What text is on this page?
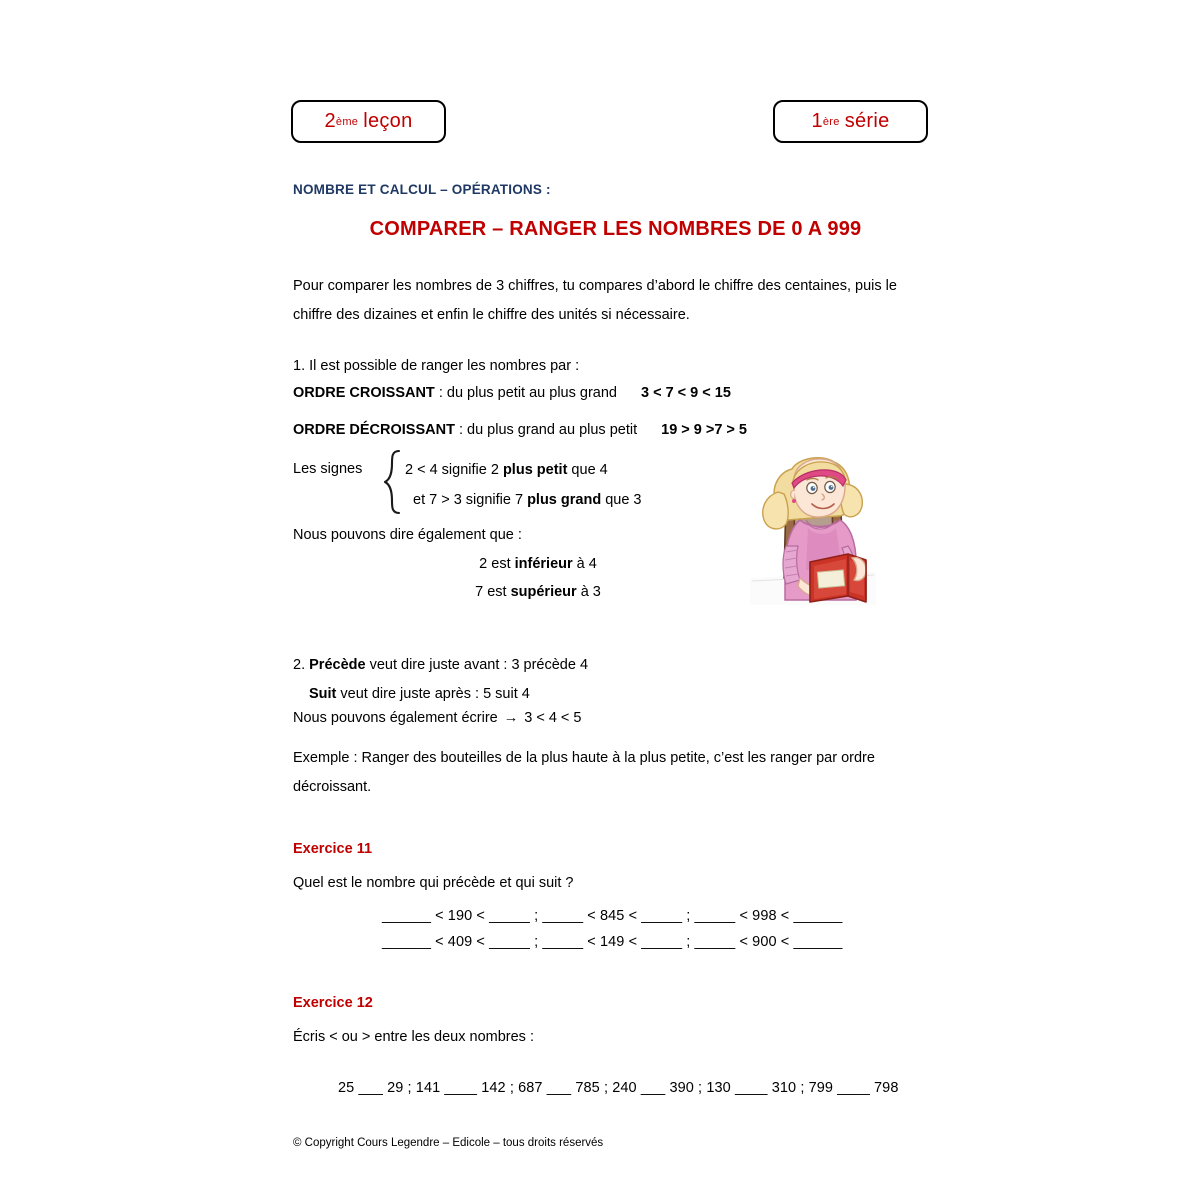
2 ème leçon	1 ère série
NOMBRE ET CALCUL – OPÉRATIONS :
COMPARER – RANGER LES NOMBRES DE 0 A 999
Pour comparer les nombres de 3 chiffres, tu compares d’abord le chiffre des centaines, puis le chiffre des dizaines et enfin le chiffre des unités si nécessaire.
1. Il est possible de ranger les nombres par :
ORDRE CROISSANT : du plus petit au plus grand 3 < 7 < 9 < 15
ORDRE DÉCROISSANT : du plus grand au plus petit 19 > 9 >7 > 5
Les signes	2 < 4 signifie 2 plus petit que 4
et 7 > 3 signifie 7 plus grand que 3
Nous pouvons dire également que :
2 est inférieur à 4
7 est supérieur à 3
2. Précède veut dire juste avant : 3 précède 4
Suit veut dire juste après : 5 suit 4
Nous pouvons également écrire → 3 < 4 < 5
Exemple : Ranger des bouteilles de la plus haute à la plus petite, c’est les ranger par ordre décroissant.
Exercice 11
Quel est le nombre qui précède et qui suit ?
______ < 190 < _____ ; _____ < 845 < _____ ; _____ < 998 < ______
______ < 409 < _____ ; _____ < 149 < _____ ; _____ < 900 < ______
Exercice 12
Écris < ou > entre les deux nombres :
25 ___ 29 ; 141 ____ 142 ; 687 ___ 785 ; 240 ___ 390 ; 130 ____ 310 ; 799 ____ 798
© Copyright Cours Legendre – Edicole – tous droits réservés
